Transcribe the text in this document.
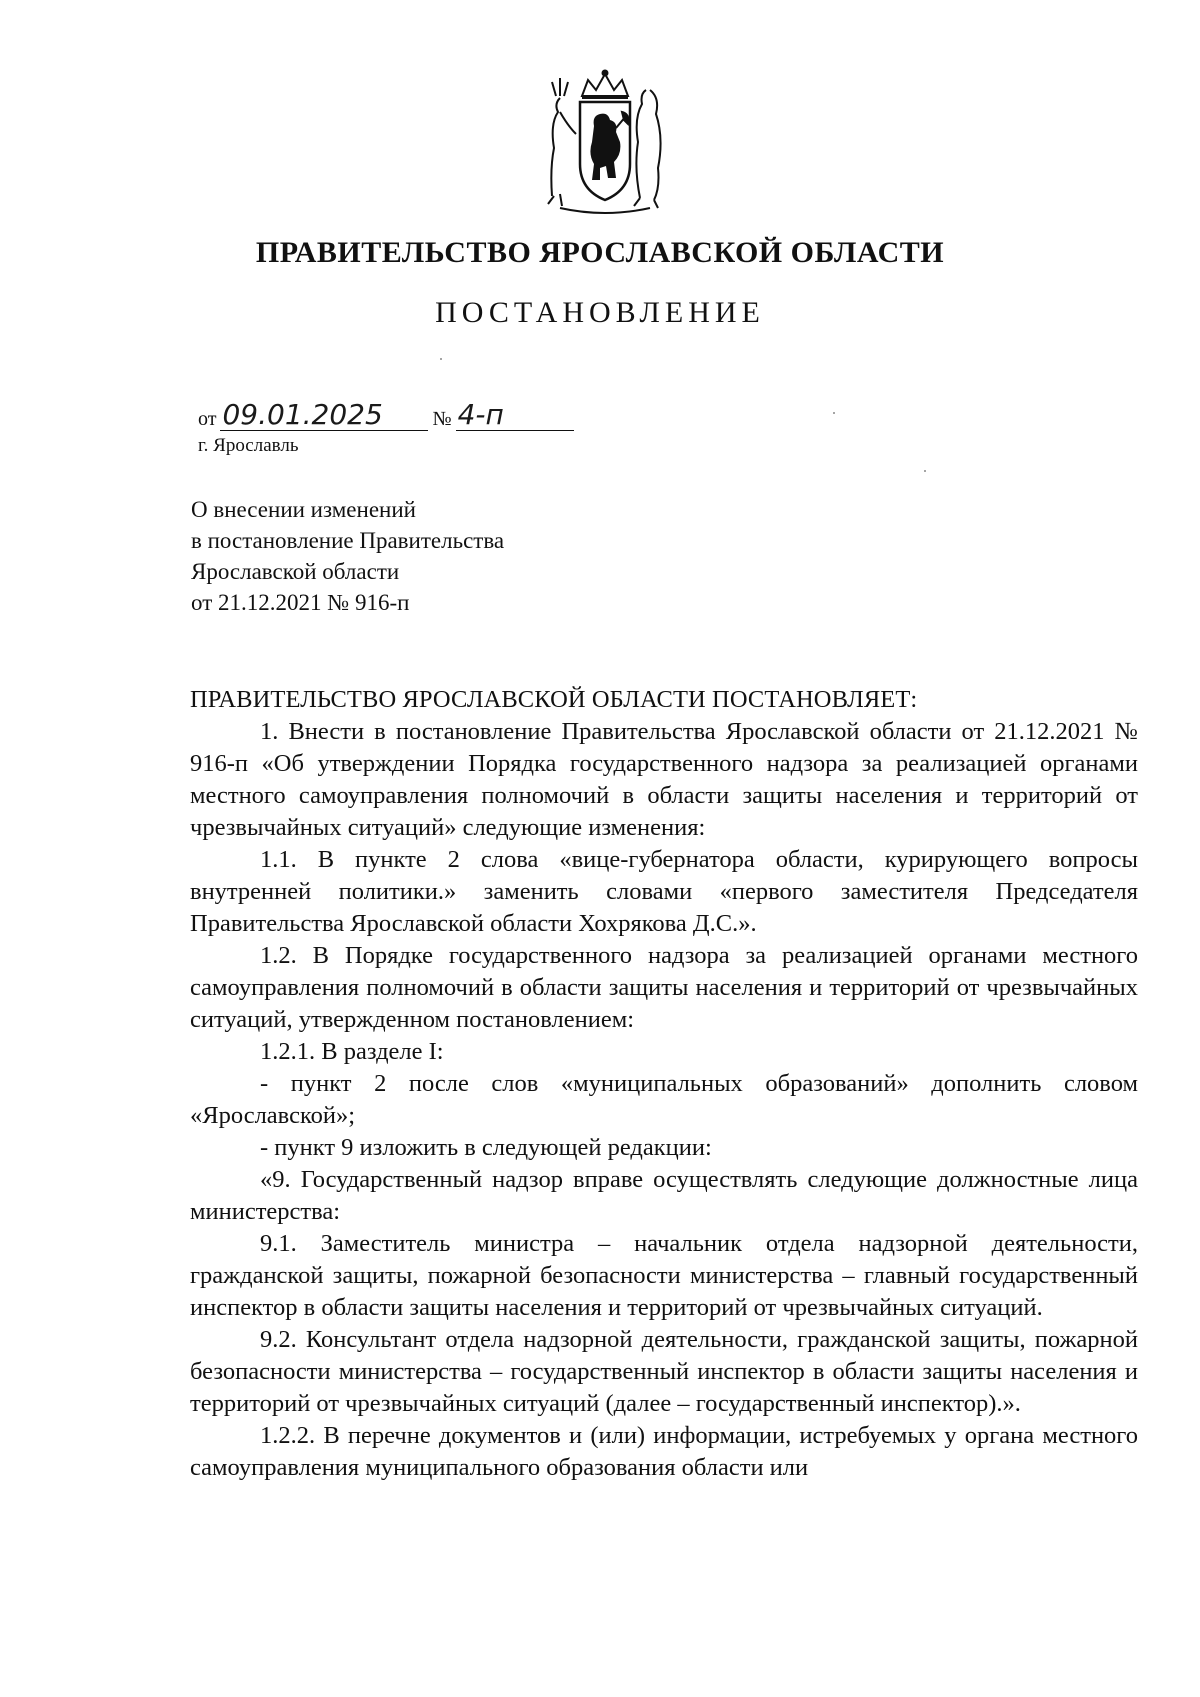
ПРАВИТЕЛЬСТВО ЯРОСЛАВСКОЙ ОБЛАСТИ
ПОСТАНОВЛЕНИЕ
от 09.01.2025	№ 4-п
г. Ярославль
О внесении изменений
в постановление Правительства
Ярославской области
от 21.12.2021 № 916-п

ПРАВИТЕЛЬСТВО ЯРОСЛАВСКОЙ ОБЛАСТИ ПОСТАНОВЛЯЕТ:

1. Внести в постановление Правительства Ярославской области от 21.12.2021 № 916-п «Об утверждении Порядка государственного надзора за реализацией органами местного самоуправления полномочий в области защиты населения и территорий от чрезвычайных ситуаций» следующие изменения:

1.1. В пункте 2 слова «вице-губернатора области, курирующего вопросы внутренней политики.» заменить словами «первого заместителя Председателя Правительства Ярославской области Хохрякова Д.С.».

1.2. В Порядке государственного надзора за реализацией органами местного самоуправления полномочий в области защиты населения и территорий от чрезвычайных ситуаций, утвержденном постановлением:

1.2.1. В разделе I:

- пункт 2 после слов «муниципальных образований» дополнить словом «Ярославской»;

- пункт 9 изложить в следующей редакции:

«9. Государственный надзор вправе осуществлять следующие должностные лица министерства:

9.1. Заместитель министра – начальник отдела надзорной деятельности, гражданской защиты, пожарной безопасности министерства – главный государственный инспектор в области защиты населения и территорий от чрезвычайных ситуаций.

9.2. Консультант отдела надзорной деятельности, гражданской защиты, пожарной безопасности министерства – государственный инспектор в области защиты населения и территорий от чрезвычайных ситуаций (далее – государственный инспектор).».

1.2.2. В перечне документов и (или) информации, истребуемых у органа местного самоуправления муниципального образования области или
